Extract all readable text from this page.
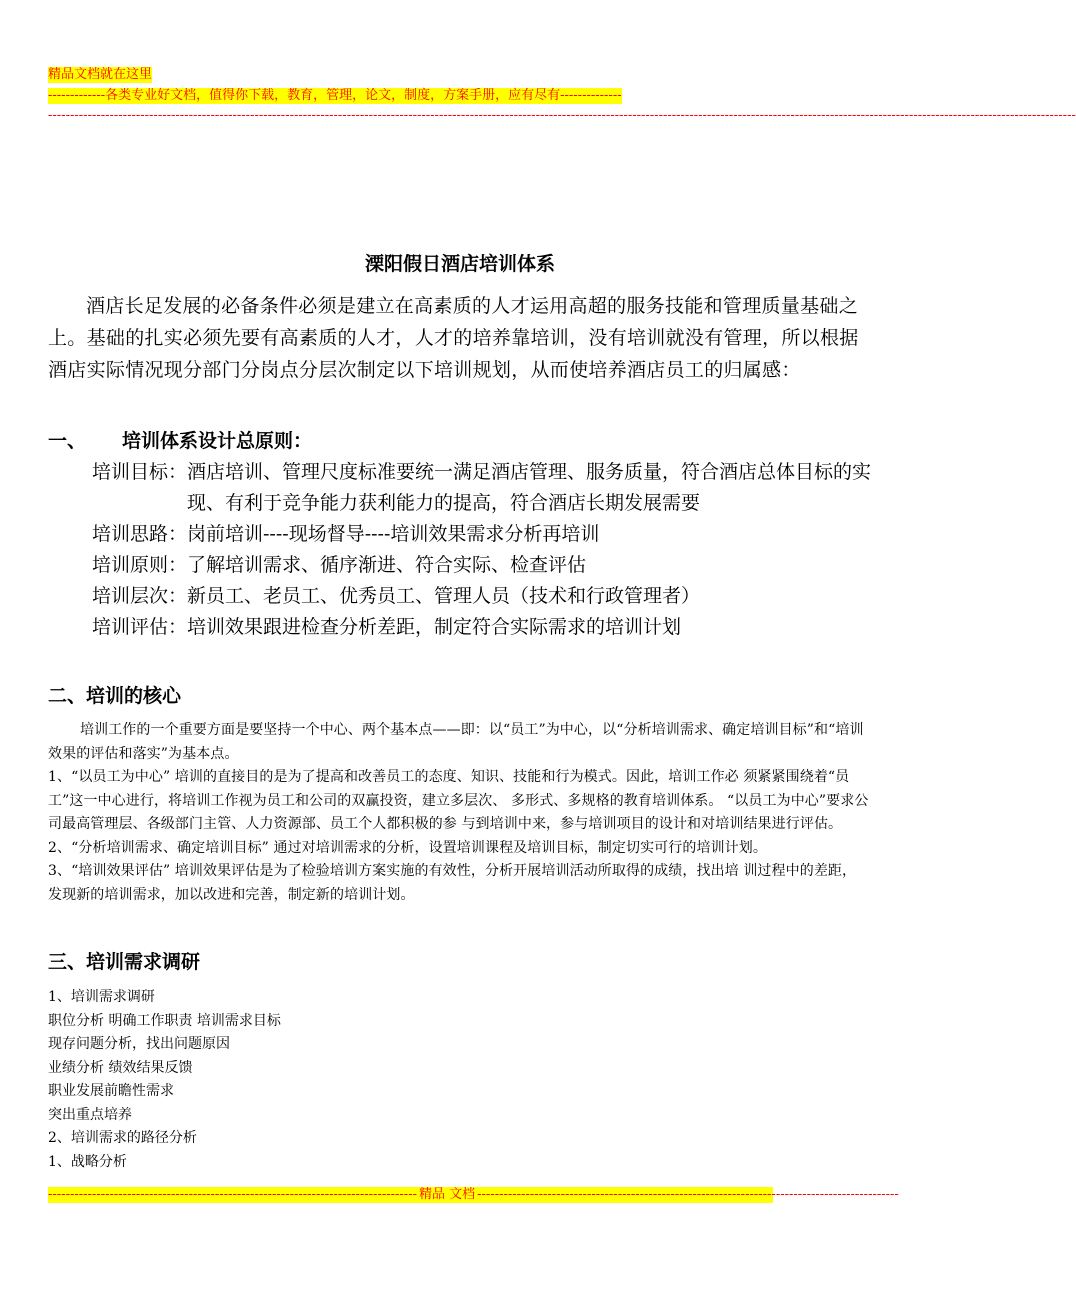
精品文档就在这里
-------------各类专业好文档，值得你下载，教育，管理，论文，制度，方案手册，应有尽有--------------
------------------------------------------------------------------------------------------------------------------------------------------------------------------------------------------------------------------------------------------
溧阳假日酒店培训体系

酒店长足发展的必备条件必须是建立在高素质的人才运用高超的服务技能和管理质量基础之上。基础的扎实必须先要有高素质的人才，人才的培养靠培训，没有培训就没有管理，所以根据酒店实际情况现分部门分岗点分层次制定以下培训规划，从而使培养酒店员工的归属感：

一、 培训体系设计总原则：
培训目标： 酒店培训、管理尺度标准要统一满足酒店管理、服务质量，符合酒店总体目标的实现、有利于竞争能力获利能力的提高，符合酒店长期发展需要
培训思路： 岗前培训----现场督导----培训效果需求分析再培训
培训原则： 了解培训需求、循序渐进、符合实际、检查评估
培训层次： 新员工、老员工、优秀员工、管理人员（技术和行政管理者）
培训评估： 培训效果跟进检查分析差距，制定符合实际需求的培训计划
二、培训的核心

培训工作的一个重要方面是要坚持一个中心、两个基本点——即：以“员工”为中心，以“分析培训需求、确定培训目标”和“培训效果的评估和落实”为基本点。

1、“以员工为中心” 培训的直接目的是为了提高和改善员工的态度、知识、技能和行为模式。因此，培训工作必 须紧紧围绕着“员工”这一中心进行，将培训工作视为员工和公司的双赢投资，建立多层次、 多形式、多规格的教育培训体系。 “以员工为中心”要求公司最高管理层、各级部门主管、人力资源部、员工个人都积极的参 与到培训中来，参与培训项目的设计和对培训结果进行评估。

2、“分析培训需求、确定培训目标” 通过对培训需求的分析，设置培训课程及培训目标，制定切实可行的培训计划。

3、“培训效果评估” 培训效果评估是为了检验培训方案实施的有效性，分析开展培训活动所取得的成绩，找出培 训过程中的差距，发现新的培训需求，加以改进和完善，制定新的培训计划。

三、培训需求调研
1、培训需求调研
职位分析 明确工作职责 培训需求目标
现存问题分析，找出问题原因
业绩分析 绩效结果反馈
职业发展前瞻性需求
突出重点培养
2、培训需求的路径分析
1、战略分析
------------------------------------------------------------------------------------ 精品 文档 ------------------------------------------------------------------------------------------------
